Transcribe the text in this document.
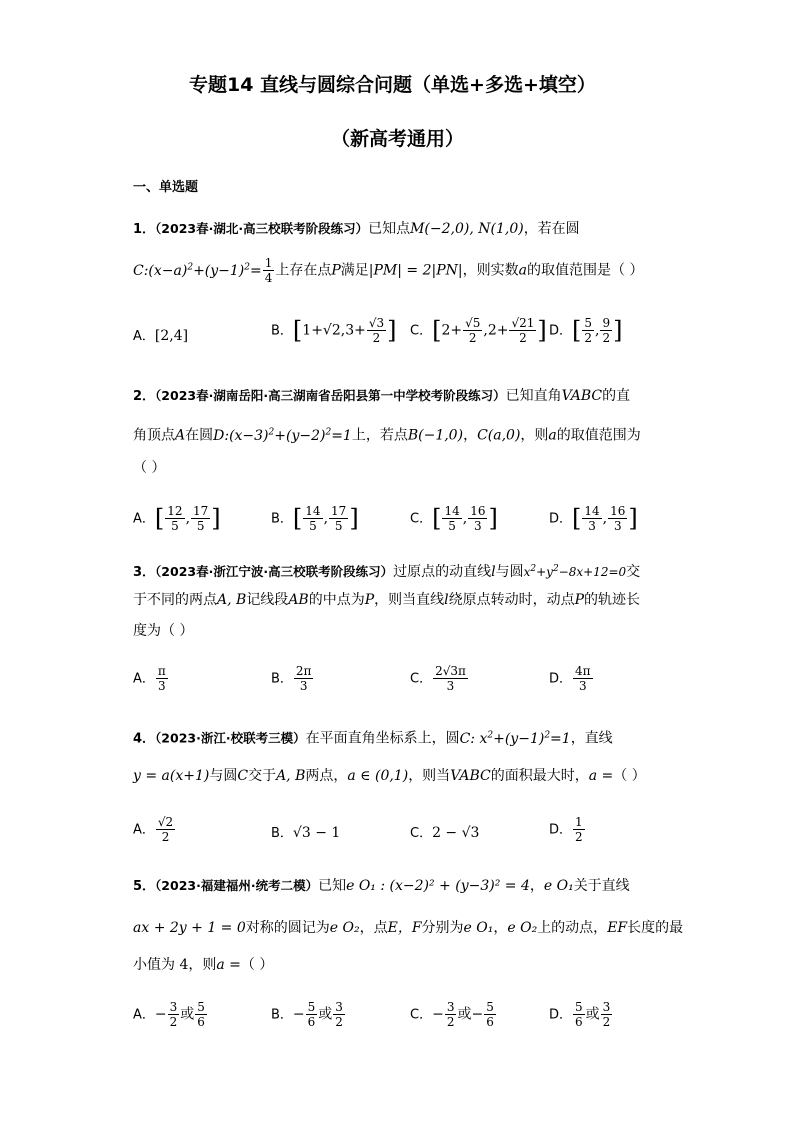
专题14 直线与圆综合问题（单选+多选+填空）
（新高考通用）
一、单选题
1．（2023春·湖北·高三校联考阶段练习）已知点M(−2,0), N(1,0)，若在圆
$C:(x-a)^2+(y-1)^2= \frac{1}{4}$ 上存在点P满足|PM| = 2|PN|，则实数a的取值范围是（ ）
A．[2,4]	B．[$1+√2,3+ \frac{√3}{2}$ ] C．[$2+ \frac{√5}{2} ,2+ \frac{√21}{2}$ ] D．[ $\frac{5}{2}$ , $\frac{9}{2}$ ]
2．（2023春·湖南岳阳·高三湖南省岳阳县第一中学校考阶段练习）已知直角VABC的直
角顶点A在圆$D:(x-3)^2+(y-2)^2=1$上，若点B(−1,0)，C(a,0)，则a的取值范围为
（ ）
A．[ $\frac{12}{5}$ , $\frac{17}{5}$ ]	B．[ $\frac{14}{5}$ , $\frac{17}{5}$ ]	C．[ $\frac{14}{5}$ , $\frac{16}{3}$ ]	D．[ $\frac{14}{3}$ , $\frac{16}{3}$ ]
3．（2023春·浙江宁波·高三校联考阶段练习）过原点的动直线l与圆$x^2+y^2-8x+12=0$交
于不同的两点A, B记线段AB的中点为P，则当直线l绕原点转动时，动点P的轨迹长
度为（ ）
A． $\frac{\pi}{3}$	B． $\frac{2\pi}{3}$	C． $\frac{2√3\pi}{3}$	D． $\frac{4\pi}{3}$
4．（2023·浙江·校联考三模）在平面直角坐标系上，圆C: $x^2+(y-1)^2=1$，直线
y = a(x+1)与圆C交于A, B两点，a ∈ (0,1)，则当VABC的面积最大时，a =（ ）
A． $\frac{√2}{2}$	B．√3 − 1	C．2 − √3	D． $\frac{1}{2}$
5．（2023·福建福州·统考二模）已知e O₁ : (x−2)² + (y−3)² = 4，e O₁关于直线
ax + 2y + 1 = 0对称的圆记为e O₂，点E，F分别为e O₁，e O₂上的动点，EF长度的最
小值为 4，则a =（ ）
A．− $\frac{3}{2}$ 或 $\frac{5}{6}$	B．− $\frac{5}{6}$ 或 $\frac{3}{2}$	C．− $\frac{3}{2}$ 或− $\frac{5}{6}$	D． $\frac{5}{6}$ 或 $\frac{3}{2}$
